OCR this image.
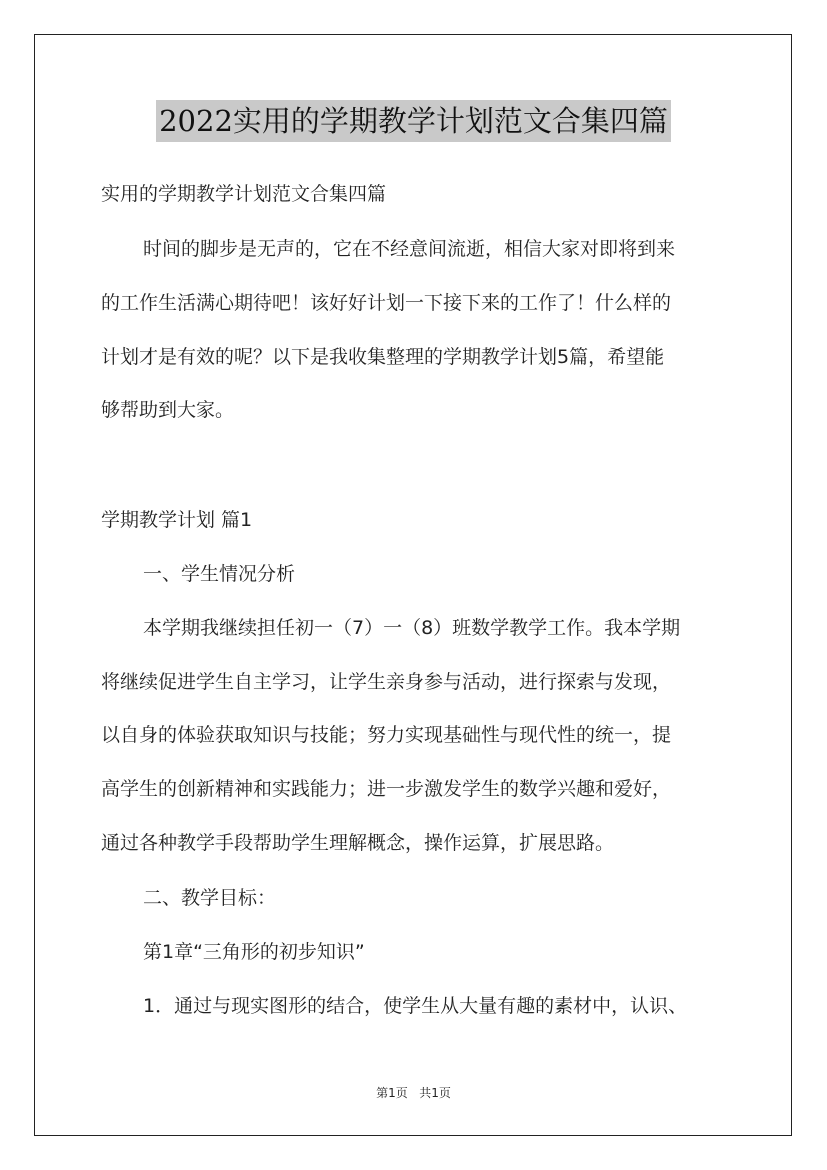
2022实用的学期教学计划范文合集四篇
实用的学期教学计划范文合集四篇
时间的脚步是无声的，它在不经意间流逝，相信大家对即将到来
的工作生活满心期待吧！该好好计划一下接下来的工作了！什么样的
计划才是有效的呢？以下是我收集整理的学期教学计划5篇，希望能
够帮助到大家。
学期教学计划 篇1
一、学生情况分析
本学期我继续担任初一（7）一（8）班数学教学工作。我本学期
将继续促进学生自主学习，让学生亲身参与活动，进行探索与发现，
以自身的体验获取知识与技能；努力实现基础性与现代性的统一，提
高学生的创新精神和实践能力；进一步激发学生的数学兴趣和爱好，
通过各种教学手段帮助学生理解概念，操作运算，扩展思路。
二、教学目标：
第1章“三角形的初步知识”
1．通过与现实图形的结合，使学生从大量有趣的素材中，认识、
第1页 共1页
